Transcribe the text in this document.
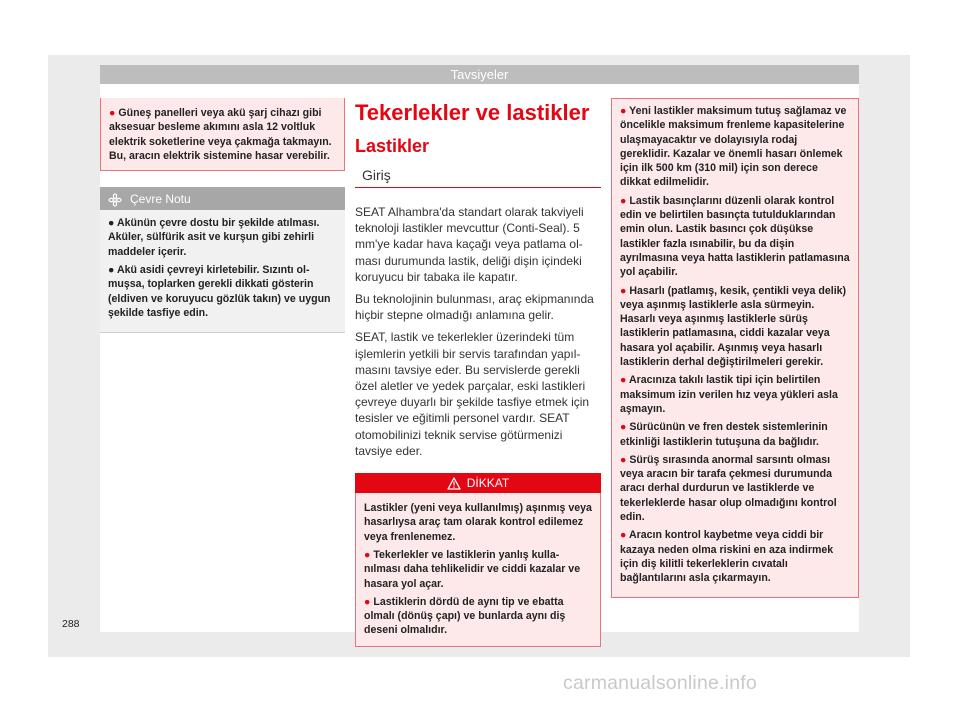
Tavsiyeler
● Güneş panelleri veya akü şarj cihazı gibi aksesuar besleme akımını asla 12 voltluk elektrik soketlerine veya çakmağa takmayın. Bu, aracın elektrik sistemine hasar verebilir.
Çevre Notu
● Akünün çevre dostu bir şekilde atılması. Aküler, sülfürik asit ve kurşun gibi zehirli maddeler içerir.
● Akü asidi çevreyi kirletebilir. Sızıntı olmuşsa, toplarken gerekli dikkati gösterin (eldiven ve koruyucu gözlük takın) ve uygun şekilde tasfiye edin.
Tekerlekler ve lastikler
Lastikler
Giriş

SEAT Alhambra'da standart olarak takviyeli teknoloji lastikler mevcuttur (Conti-Seal). 5 mm'ye kadar hava kaçağı veya patlama olması durumunda lastik, deliği dişin içindeki koruyucu bir tabaka ile kapatır.

Bu teknolojinin bulunması, araç ekipmanında hiçbir stepne olmadığı anlamına gelir.

SEAT, lastik ve tekerlekler üzerindeki tüm işlemlerin yetkili bir servis tarafından yapılmasını tavsiye eder. Bu servislerde gerekli özel aletler ve yedek parçalar, eski lastikleri çevreye duyarlı bir şekilde tasfiye etmek için tesisler ve eğitimli personel vardır. SEAT otomobilinizi teknik servise götürmenizi tavsiye eder.

DİKKAT
Lastikler (yeni veya kullanılmış) aşınmış veya hasarlıysa araç tam olarak kontrol edilemez veya frenlenemez.
● Tekerlekler ve lastiklerin yanlış kullanılması daha tehlikelidir ve ciddi kazalar ve hasara yol açar.
● Lastiklerin dördü de aynı tip ve ebatta olmalı (dönüş çapı) ve bunlarda aynı diş deseni olmalıdır.
● Yeni lastikler maksimum tutuş sağlamaz ve öncelikle maksimum frenleme kapasitelerine ulaşmayacaktır ve dolayısıyla rodaj gereklidir. Kazalar ve önemli hasarı önlemek için ilk 500 km (310 mil) için son derece dikkat edilmelidir.
● Lastik basınçlarını düzenli olarak kontrol edin ve belirtilen basınçta tutulduklarından emin olun. Lastik basıncı çok düşükse lastikler fazla ısınabilir, bu da dişin ayrılmasına veya hatta lastiklerin patlamasına yol açabilir.
● Hasarlı (patlamış, kesik, çentikli veya delik) veya aşınmış lastiklerle asla sürmeyin. Hasarlı veya aşınmış lastiklerle sürüş lastiklerin patlamasına, ciddi kazalar veya hasara yol açabilir. Aşınmış veya hasarlı lastiklerin derhal değiştirilmeleri gerekir.
● Aracınıza takılı lastik tipi için belirtilen maksimum izin verilen hız veya yükleri asla aşmayın.
● Sürücünün ve fren destek sistemlerinin etkinliği lastiklerin tutuşuna da bağlıdır.
● Sürüş sırasında anormal sarsıntı olması veya aracın bir tarafa çekmesi durumunda aracı derhal durdurun ve lastiklerde ve tekerleklerde hasar olup olmadığını kontrol edin.
● Aracın kontrol kaybetme veya ciddi bir kazaya neden olma riskini en aza indirmek için diş kilitli tekerleklerin cıvatalı bağlantılarını asla çıkarmayın.
288
carmanualsonline.info
